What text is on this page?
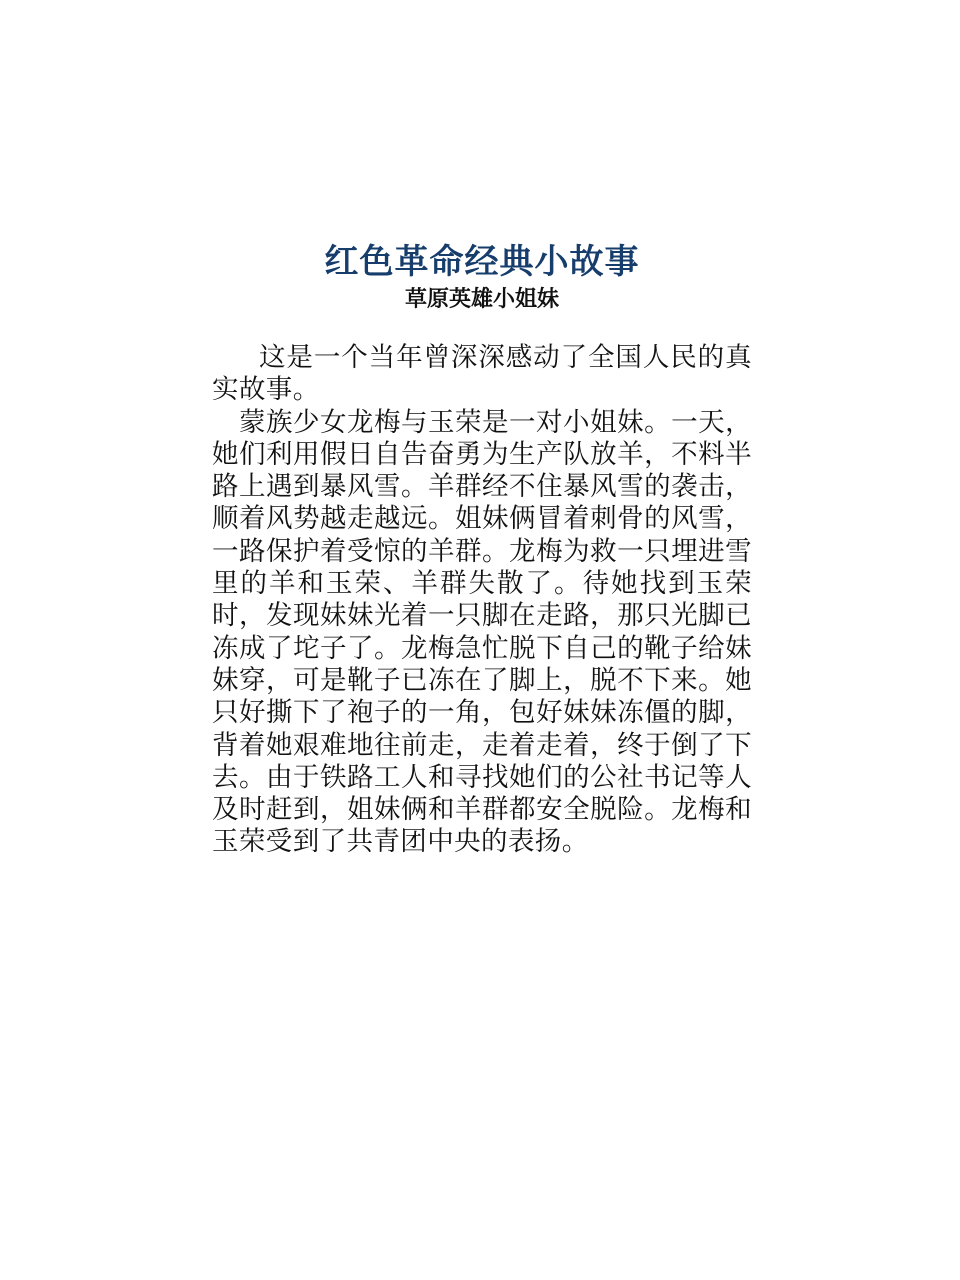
红色革命经典小故事
草原英雄小姐妹

这是一个当年曾深深感动了全国人民的真实故事。

蒙族少女龙梅与玉荣是一对小姐妹。一天，她们利用假日自告奋勇为生产队放羊，不料半路上遇到暴风雪。羊群经不住暴风雪的袭击，顺着风势越走越远。姐妹俩冒着刺骨的风雪，一路保护着受惊的羊群。龙梅为救一只埋进雪里的羊和玉荣、羊群失散了。待她找到玉荣时，发现妹妹光着一只脚在走路，那只光脚已冻成了坨子了。龙梅急忙脱下自己的靴子给妹妹穿，可是靴子已冻在了脚上，脱不下来。她只好撕下了袍子的一角，包好妹妹冻僵的脚，背着她艰难地往前走，走着走着，终于倒了下去。由于铁路工人和寻找她们的公社书记等人及时赶到，姐妹俩和羊群都安全脱险。龙梅和玉荣受到了共青团中央的表扬。
